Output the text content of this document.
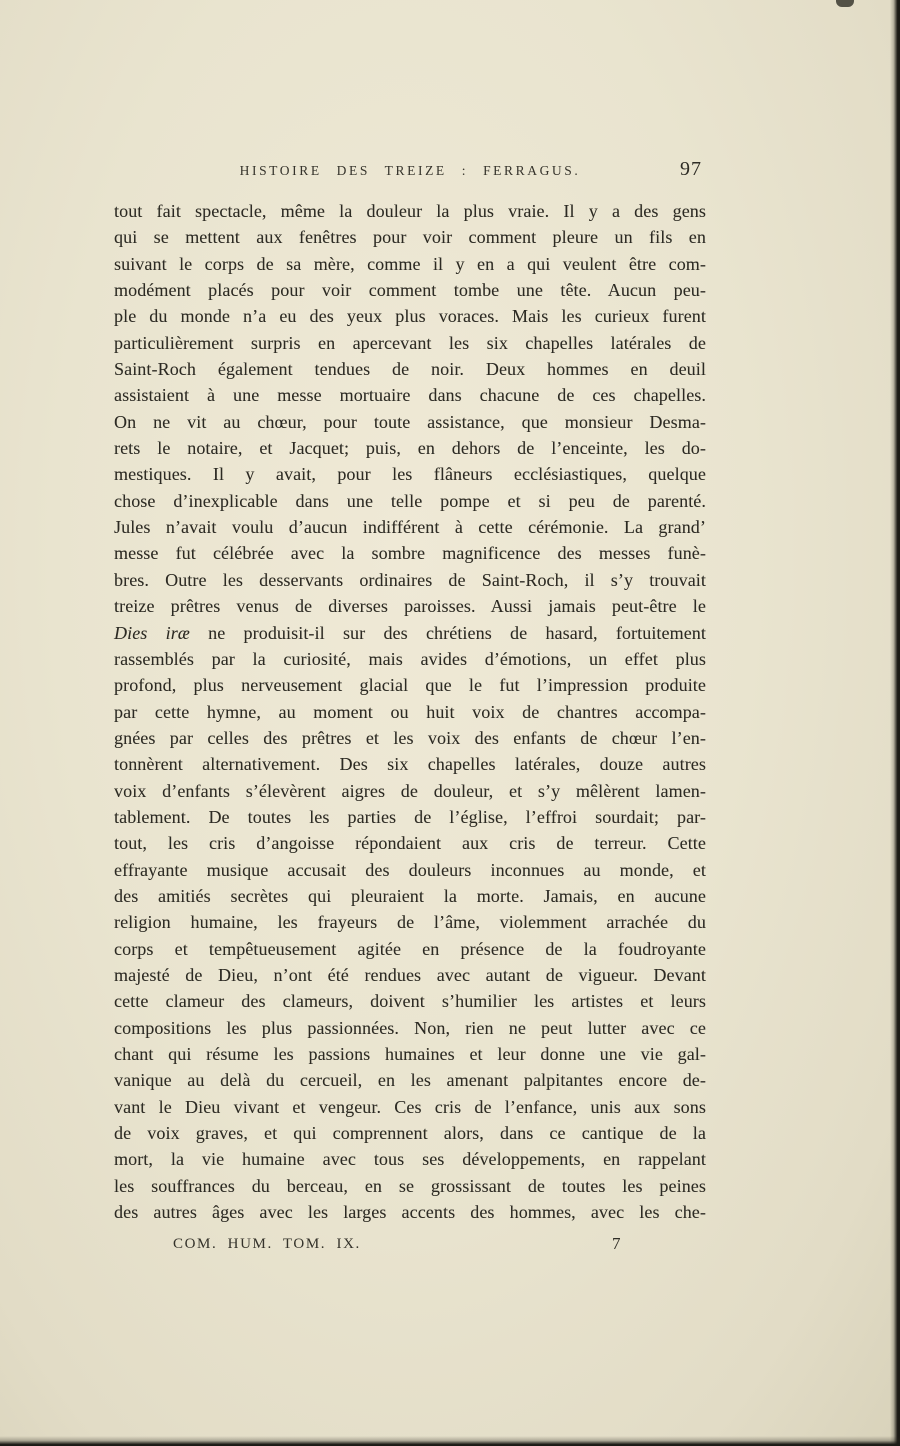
HISTOIRE DES TREIZE : FERRAGUS.	97
tout fait spectacle, même la douleur la plus vraie. Il y a des gens
qui se mettent aux fenêtres pour voir comment pleure un fils en
suivant le corps de sa mère, comme il y en a qui veulent être com-
modément placés pour voir comment tombe une tête. Aucun peu-
ple du monde n’a eu des yeux plus voraces. Mais les curieux furent
particulièrement surpris en apercevant les six chapelles latérales de
Saint-Roch également tendues de noir. Deux hommes en deuil
assistaient à une messe mortuaire dans chacune de ces chapelles.
On ne vit au chœur, pour toute assistance, que monsieur Desma-
rets le notaire, et Jacquet; puis, en dehors de l’enceinte, les do-
mestiques. Il y avait, pour les flâneurs ecclésiastiques, quelque
chose d’inexplicable dans une telle pompe et si peu de parenté.
Jules n’avait voulu d’aucun indifférent à cette cérémonie. La grand’
messe fut célébrée avec la sombre magnificence des messes funè-
bres. Outre les desservants ordinaires de Saint-Roch, il s’y trouvait
treize prêtres venus de diverses paroisses. Aussi jamais peut-être le
Dies iræ ne produisit-il sur des chrétiens de hasard, fortuitement
rassemblés par la curiosité, mais avides d’émotions, un effet plus
profond, plus nerveusement glacial que le fut l’impression produite
par cette hymne, au moment ou huit voix de chantres accompa-
gnées par celles des prêtres et les voix des enfants de chœur l’en-
tonnèrent alternativement. Des six chapelles latérales, douze autres
voix d’enfants s’élevèrent aigres de douleur, et s’y mêlèrent lamen-
tablement. De toutes les parties de l’église, l’effroi sourdait; par-
tout, les cris d’angoisse répondaient aux cris de terreur. Cette
effrayante musique accusait des douleurs inconnues au monde, et
des amitiés secrètes qui pleuraient la morte. Jamais, en aucune
religion humaine, les frayeurs de l’âme, violemment arrachée du
corps et tempêtueusement agitée en présence de la foudroyante
majesté de Dieu, n’ont été rendues avec autant de vigueur. Devant
cette clameur des clameurs, doivent s’humilier les artistes et leurs
compositions les plus passionnées. Non, rien ne peut lutter avec ce
chant qui résume les passions humaines et leur donne une vie gal-
vanique au delà du cercueil, en les amenant palpitantes encore de-
vant le Dieu vivant et vengeur. Ces cris de l’enfance, unis aux sons
de voix graves, et qui comprennent alors, dans ce cantique de la
mort, la vie humaine avec tous ses développements, en rappelant
les souffrances du berceau, en se grossissant de toutes les peines
des autres âges avec les larges accents des hommes, avec les che-
COM. HUM. TOM. IX.	7
